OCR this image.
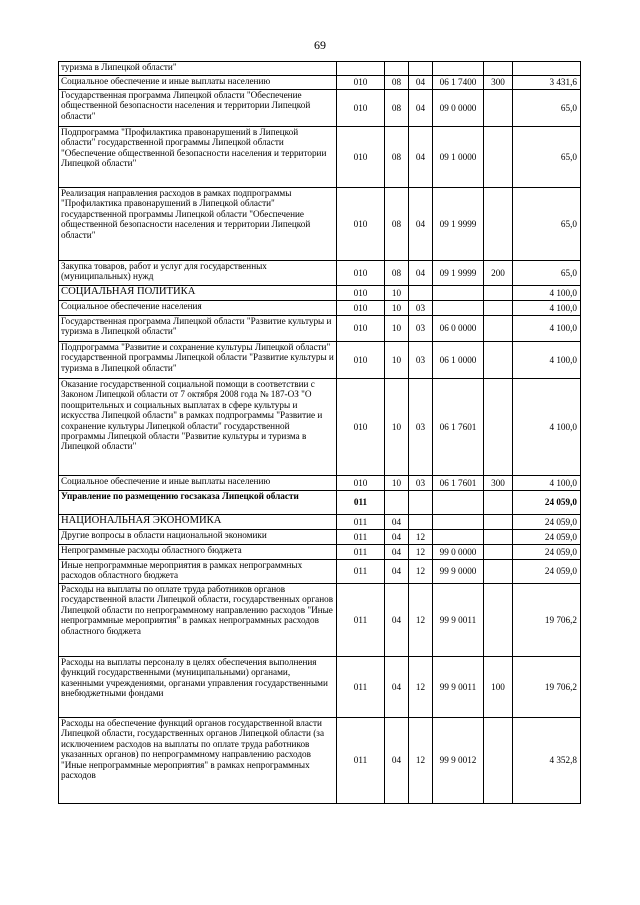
69
туризма в Липецкой области"						
Социальное обеспечение и иные выплаты населению	010	08	04	06 1 7400	300	3 431,6
Государственная программа Липецкой области "Обеспечение общественной безопасности населения и территории Липецкой области"	010	08	04	09 0 0000		65,0
Подпрограмма "Профилактика правонарушений в Липецкой области" государственной программы Липецкой области "Обеспечение общественной безопасности населения и территории Липецкой области"	010	08	04	09 1 0000		65,0
Реализация направления расходов в рамках подпрограммы "Профилактика правонарушений в Липецкой области" государственной программы Липецкой области "Обеспечение общественной безопасности населения и территории Липецкой области"	010	08	04	09 1 9999		65,0
Закупка товаров, работ и услуг для государственных (муниципальных) нужд	010	08	04	09 1 9999	200	65,0
СОЦИАЛЬНАЯ ПОЛИТИКА	010	10				4 100,0
Социальное обеспечение населения	010	10	03			4 100,0
Государственная программа Липецкой области "Развитие культуры и туризма в Липецкой области"	010	10	03	06 0 0000		4 100,0
Подпрограмма "Развитие и сохранение культуры Липецкой области" государственной программы Липецкой области "Развитие культуры и туризма в Липецкой области"	010	10	03	06 1 0000		4 100,0
Оказание государственной социальной помощи в соответствии с Законом Липецкой области от 7 октября 2008 года № 187-ОЗ "О поощрительных и социальных выплатах в сфере культуры и искусства Липецкой области" в рамках подпрограммы "Развитие и сохранение культуры Липецкой области" государственной программы Липецкой области "Развитие культуры и туризма в Липецкой области"	010	10	03	06 1 7601		4 100,0
Социальное обеспечение и иные выплаты населению	010	10	03	06 1 7601	300	4 100,0
Управление по размещению госзаказа Липецкой области	011					24 059,0
НАЦИОНАЛЬНАЯ ЭКОНОМИКА	011	04				24 059,0
Другие вопросы в области национальной экономики	011	04	12			24 059,0
Непрограммные расходы областного бюджета	011	04	12	99 0 0000		24 059,0
Иные непрограммные мероприятия в рамках непрограммных расходов областного бюджета	011	04	12	99 9 0000		24 059,0
Расходы на выплаты по оплате труда работников органов государственной власти Липецкой области, государственных органов Липецкой области по непрограммному направлению расходов "Иные непрограммные мероприятия" в рамках непрограммных расходов областного бюджета	011	04	12	99 9 0011		19 706,2
Расходы на выплаты персоналу в целях обеспечения выполнения функций государственными (муниципальными) органами, казенными учреждениями, органами управления государственными внебюджетными фондами	011	04	12	99 9 0011	100	19 706,2
Расходы на обеспечение функций органов государственной власти Липецкой области, государственных органов Липецкой области (за исключением расходов на выплаты по оплате труда работников указанных органов) по непрограммному направлению расходов "Иные непрограммные мероприятия" в рамках непрограммных расходов	011	04	12	99 9 0012		4 352,8
